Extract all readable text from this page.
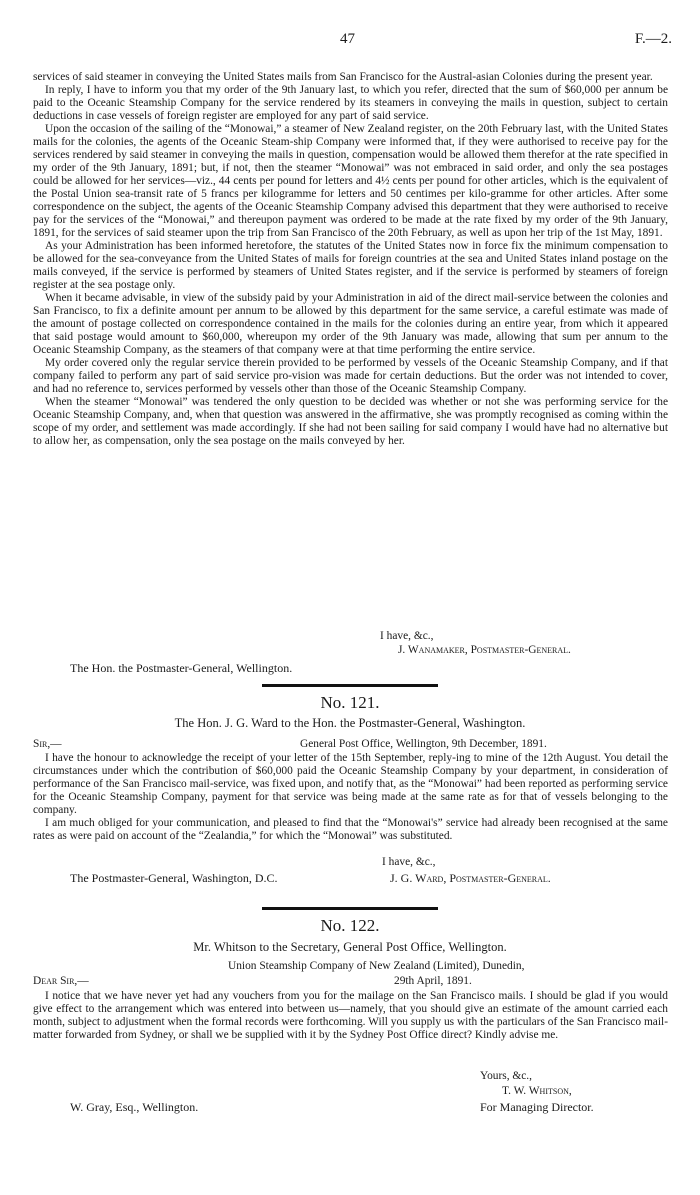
47	F.—2.

services of said steamer in conveying the United States mails from San Francisco for the Austral-asian Colonies during the present year.

In reply, I have to inform you that my order of the 9th January last, to which you refer, directed that the sum of $60,000 per annum be paid to the Oceanic Steamship Company for the service rendered by its steamers in conveying the mails in question, subject to certain deductions in case vessels of foreign register are employed for any part of said service.

Upon the occasion of the sailing of the “Monowai,” a steamer of New Zealand register, on the 20th February last, with the United States mails for the colonies, the agents of the Oceanic Steam-ship Company were informed that, if they were authorised to receive pay for the services rendered by said steamer in conveying the mails in question, compensation would be allowed them therefor at the rate specified in my order of the 9th January, 1891; but, if not, then the steamer “Monowai” was not embraced in said order, and only the sea postages could be allowed for her services—viz., 44 cents per pound for letters and 4½ cents per pound for other articles, which is the equivalent of the Postal Union sea-transit rate of 5 francs per kilogramme for letters and 50 centimes per kilo-gramme for other articles. After some correspondence on the subject, the agents of the Oceanic Steamship Company advised this department that they were authorised to receive pay for the services of the “Monowai,” and thereupon payment was ordered to be made at the rate fixed by my order of the 9th January, 1891, for the services of said steamer upon the trip from San Francisco of the 20th February, as well as upon her trip of the 1st May, 1891.

As your Administration has been informed heretofore, the statutes of the United States now in force fix the minimum compensation to be allowed for the sea-conveyance from the United States of mails for foreign countries at the sea and United States inland postage on the mails conveyed, if the service is performed by steamers of United States register, and if the service is performed by steamers of foreign register at the sea postage only.

When it became advisable, in view of the subsidy paid by your Administration in aid of the direct mail-service between the colonies and San Francisco, to fix a definite amount per annum to be allowed by this department for the same service, a careful estimate was made of the amount of postage collected on correspondence contained in the mails for the colonies during an entire year, from which it appeared that said postage would amount to $60,000, whereupon my order of the 9th January was made, allowing that sum per annum to the Oceanic Steamship Company, as the steamers of that company were at that time performing the entire service.

My order covered only the regular service therein provided to be performed by vessels of the Oceanic Steamship Company, and if that company failed to perform any part of said service pro-vision was made for certain deductions. But the order was not intended to cover, and had no reference to, services performed by vessels other than those of the Oceanic Steamship Company.

When the steamer “Monowai” was tendered the only question to be decided was whether or not she was performing service for the Oceanic Steamship Company, and, when that question was answered in the affirmative, she was promptly recognised as coming within the scope of my order, and settlement was made accordingly. If she had not been sailing for said company I would have had no alternative but to allow her, as compensation, only the sea postage on the mails conveyed by her.

I have, &c.,
J. Wanamaker, Postmaster-General.
The Hon. the Postmaster-General, Wellington.
No. 121.
The Hon. J. G. Ward to the Hon. the Postmaster-General, Washington.
Sir,—	General Post Office, Wellington, 9th December, 1891.

I have the honour to acknowledge the receipt of your letter of the 15th September, reply-ing to mine of the 12th August. You detail the circumstances under which the contribution of $60,000 paid the Oceanic Steamship Company by your department, in consideration of performance of the San Francisco mail-service, was fixed upon, and notify that, as the “Monowai” had been reported as performing service for the Oceanic Steamship Company, payment for that service was being made at the same rate as for that of vessels belonging to the company.

I am much obliged for your communication, and pleased to find that the “Monowai's” service had already been recognised at the same rates as were paid on account of the “Zealandia,” for which the “Monowai” was substituted.

I have, &c.,
The Postmaster-General, Washington, D.C.	J. G. Ward, Postmaster-General.
No. 122.
Mr. Whitson to the Secretary, General Post Office, Wellington.
Union Steamship Company of New Zealand (Limited), Dunedin,
Dear Sir,—	29th April, 1891.

I notice that we have never yet had any vouchers from you for the mailage on the San Francisco mails. I should be glad if you would give effect to the arrangement which was entered into between us—namely, that you should give an estimate of the amount carried each month, subject to adjustment when the formal records were forthcoming. Will you supply us with the particulars of the San Francisco mail-matter forwarded from Sydney, or shall we be supplied with it by the Sydney Post Office direct? Kindly advise me.

Yours, &c.,
T. W. Whitson,
W. Gray, Esq., Wellington.	For Managing Director.
